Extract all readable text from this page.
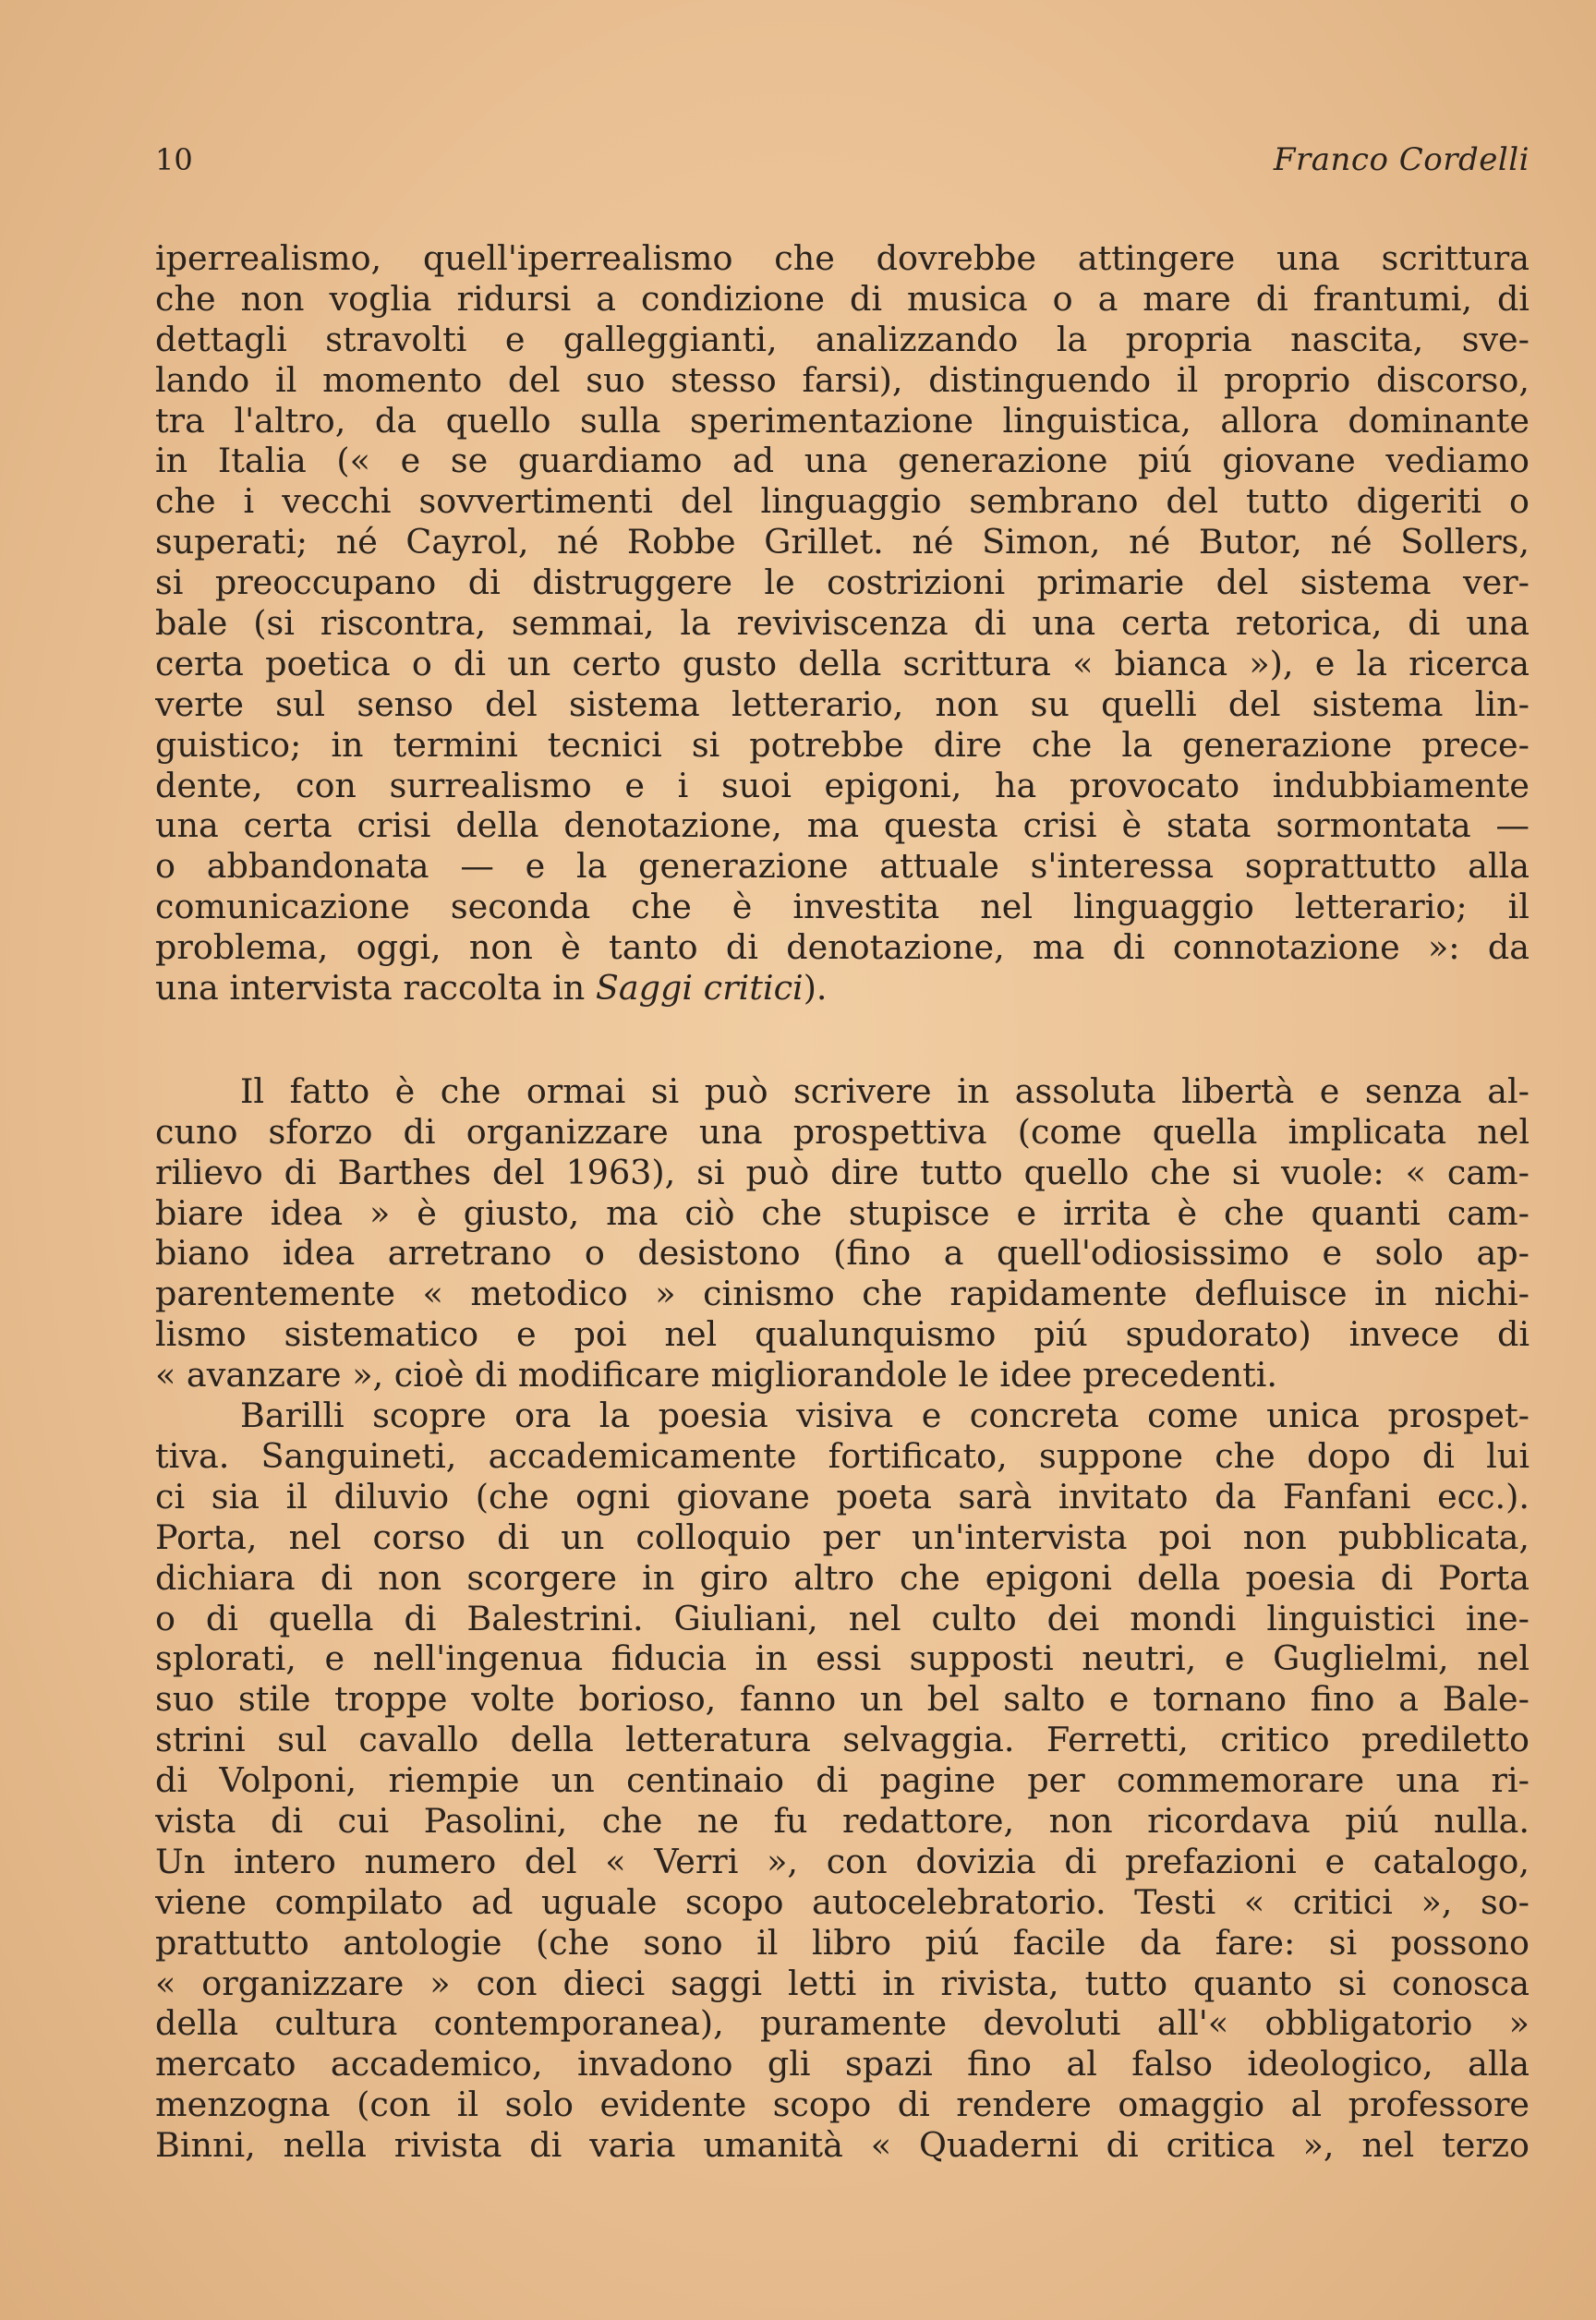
10	Franco Cordelli
iperrealismo, quell'iperrealismo che dovrebbe attingere una scrittura
che non voglia ridursi a condizione di musica o a mare di frantumi, di
dettagli stravolti e galleggianti, analizzando la propria nascita, sve-
lando il momento del suo stesso farsi), distinguendo il proprio discorso,
tra l'altro, da quello sulla sperimentazione linguistica, allora dominante
in Italia (« e se guardiamo ad una generazione piú giovane vediamo
che i vecchi sovvertimenti del linguaggio sembrano del tutto digeriti o
superati; né Cayrol, né Robbe Grillet. né Simon, né Butor, né Sollers,
si preoccupano di distruggere le costrizioni primarie del sistema ver-
bale (si riscontra, semmai, la reviviscenza di una certa retorica, di una
certa poetica o di un certo gusto della scrittura « bianca »), e la ricerca
verte sul senso del sistema letterario, non su quelli del sistema lin-
guistico; in termini tecnici si potrebbe dire che la generazione prece-
dente, con surrealismo e i suoi epigoni, ha provocato indubbiamente
una certa crisi della denotazione, ma questa crisi è stata sormontata —
o abbandonata — e la generazione attuale s'interessa soprattutto alla
comunicazione seconda che è investita nel linguaggio letterario; il
problema, oggi, non è tanto di denotazione, ma di connotazione »: da
una intervista raccolta in Saggi critici).
Il fatto è che ormai si può scrivere in assoluta libertà e senza al-
cuno sforzo di organizzare una prospettiva (come quella implicata nel
rilievo di Barthes del 1963), si può dire tutto quello che si vuole: « cam-
biare idea » è giusto, ma ciò che stupisce e irrita è che quanti cam-
biano idea arretrano o desistono (fino a quell'odiosissimo e solo ap-
parentemente « metodico » cinismo che rapidamente defluisce in nichi-
lismo sistematico e poi nel qualunquismo piú spudorato) invece di
« avanzare », cioè di modificare migliorandole le idee precedenti.
Barilli scopre ora la poesia visiva e concreta come unica prospet-
tiva. Sanguineti, accademicamente fortificato, suppone che dopo di lui
ci sia il diluvio (che ogni giovane poeta sarà invitato da Fanfani ecc.).
Porta, nel corso di un colloquio per un'intervista poi non pubblicata,
dichiara di non scorgere in giro altro che epigoni della poesia di Porta
o di quella di Balestrini. Giuliani, nel culto dei mondi linguistici ine-
splorati, e nell'ingenua fiducia in essi supposti neutri, e Guglielmi, nel
suo stile troppe volte borioso, fanno un bel salto e tornano fino a Bale-
strini sul cavallo della letteratura selvaggia. Ferretti, critico prediletto
di Volponi, riempie un centinaio di pagine per commemorare una ri-
vista di cui Pasolini, che ne fu redattore, non ricordava piú nulla.
Un intero numero del « Verri », con dovizia di prefazioni e catalogo,
viene compilato ad uguale scopo autocelebratorio. Testi « critici », so-
prattutto antologie (che sono il libro piú facile da fare: si possono
« organizzare » con dieci saggi letti in rivista, tutto quanto si conosca
della cultura contemporanea), puramente devoluti all'« obbligatorio »
mercato accademico, invadono gli spazi fino al falso ideologico, alla
menzogna (con il solo evidente scopo di rendere omaggio al professore
Binni, nella rivista di varia umanità « Quaderni di critica », nel terzo
